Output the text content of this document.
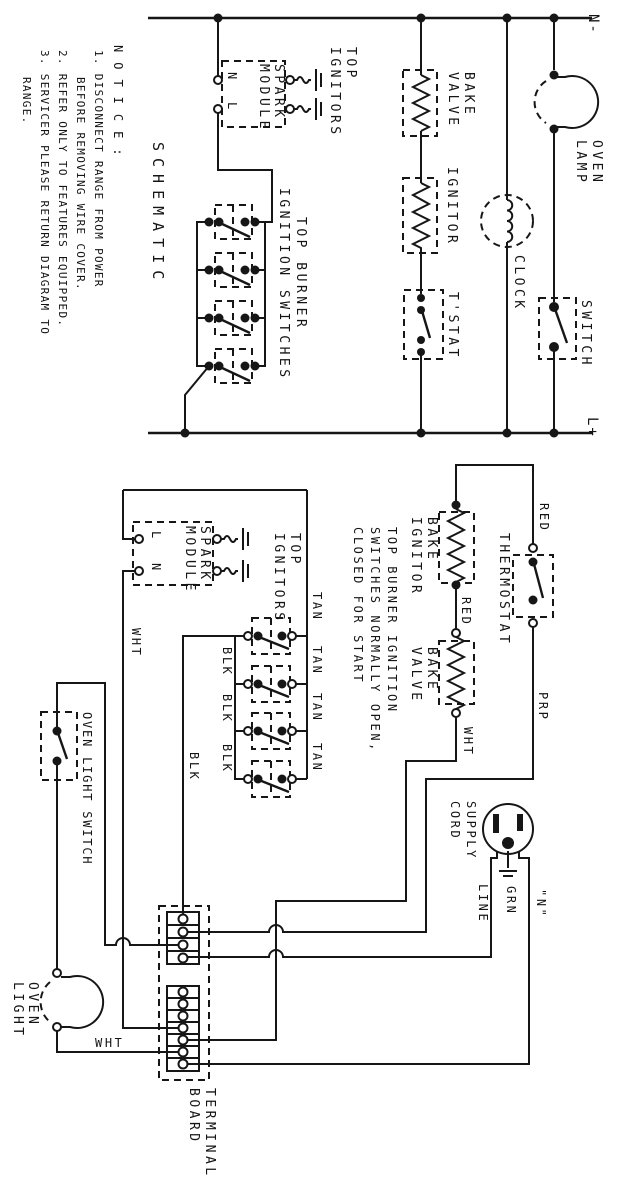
SCHEMATIC
N-
L+
NOTICE:
1. DISCONNECT RANGE FROM POWER
BEFORE REMOVING WIRE COVER.
2. REFER ONLY TO FEATURES EQUIPPED.
3. SERVICER PLEASE RETURN DIAGRAM TO
RANGE.	SPARK
MODULE
N
L
TOP
IGNITORS
TOP BURNER
IGNITION SWITCHES
BAKE
VALVE
IGNITOR
T'STAT
CLOCK
OVEN
LAMP
SWITCH
SPARK
MODULE
L
N
TOP
IGNITORS
WHT	TOP BURNER IGNITION
SWITCHES NORMALLY OPEN,
CLOSED FOR START
TAN
TAN
TAN
TAN
BLK
BLK
BLK
BLK
BAKE
IGNITOR
BAKE
VALVE
THERMOSTAT
RED
RED
WHT
PRP
OVEN LIGHT SWITCH
OVEN
LIGHT
WHT
SUPPLY
CORD
LINE GRN "N"
TERMINAL
BOARD
